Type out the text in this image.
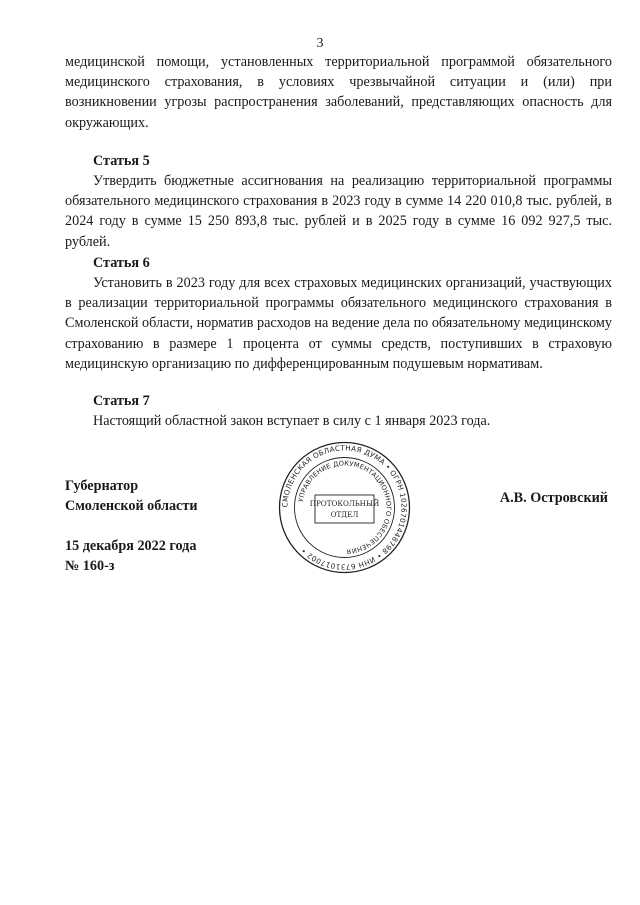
3
медицинской помощи, установленных территориальной программой обязательного медицинского страхования, в условиях чрезвычайной ситуации и (или) при возникновении угрозы распространения заболеваний, представляющих опасность для окружающих.
Статья 5
Утвердить бюджетные ассигнования на реализацию территориальной программы обязательного медицинского страхования в 2023 году в сумме 14 220 010,8 тыс. рублей, в 2024 году в сумме 15 250 893,8 тыс. рублей и в 2025 году в сумме 16 092 927,5 тыс. рублей.
Статья 6
Установить в 2023 году для всех страховых медицинских организаций, участвующих в реализации территориальной программы обязательного медицинского страхования в Смоленской области, норматив расходов на ведение дела по обязательному медицинскому страхованию в размере 1 процента от суммы средств, поступивших в страховую медицинскую организацию по дифференцированным подушевым нормативам.
Статья 7
Настоящий областной закон вступает в силу с 1 января 2023 года.
Губернатор
Смоленской области
15 декабря 2022 года
№ 160-з
А.В. Островский
СМОЛЕНСКАЯ ОБЛАСТНАЯ ДУМА • ОГРН 1026701448798 • ИНН 6731017002 •
УПРАВЛЕНИЕ ДОКУМЕНТАЦИОННОГО ОБЕСПЕЧЕНИЯ
ПРОТОКОЛЬНЫЙ
ОТДЕЛ
